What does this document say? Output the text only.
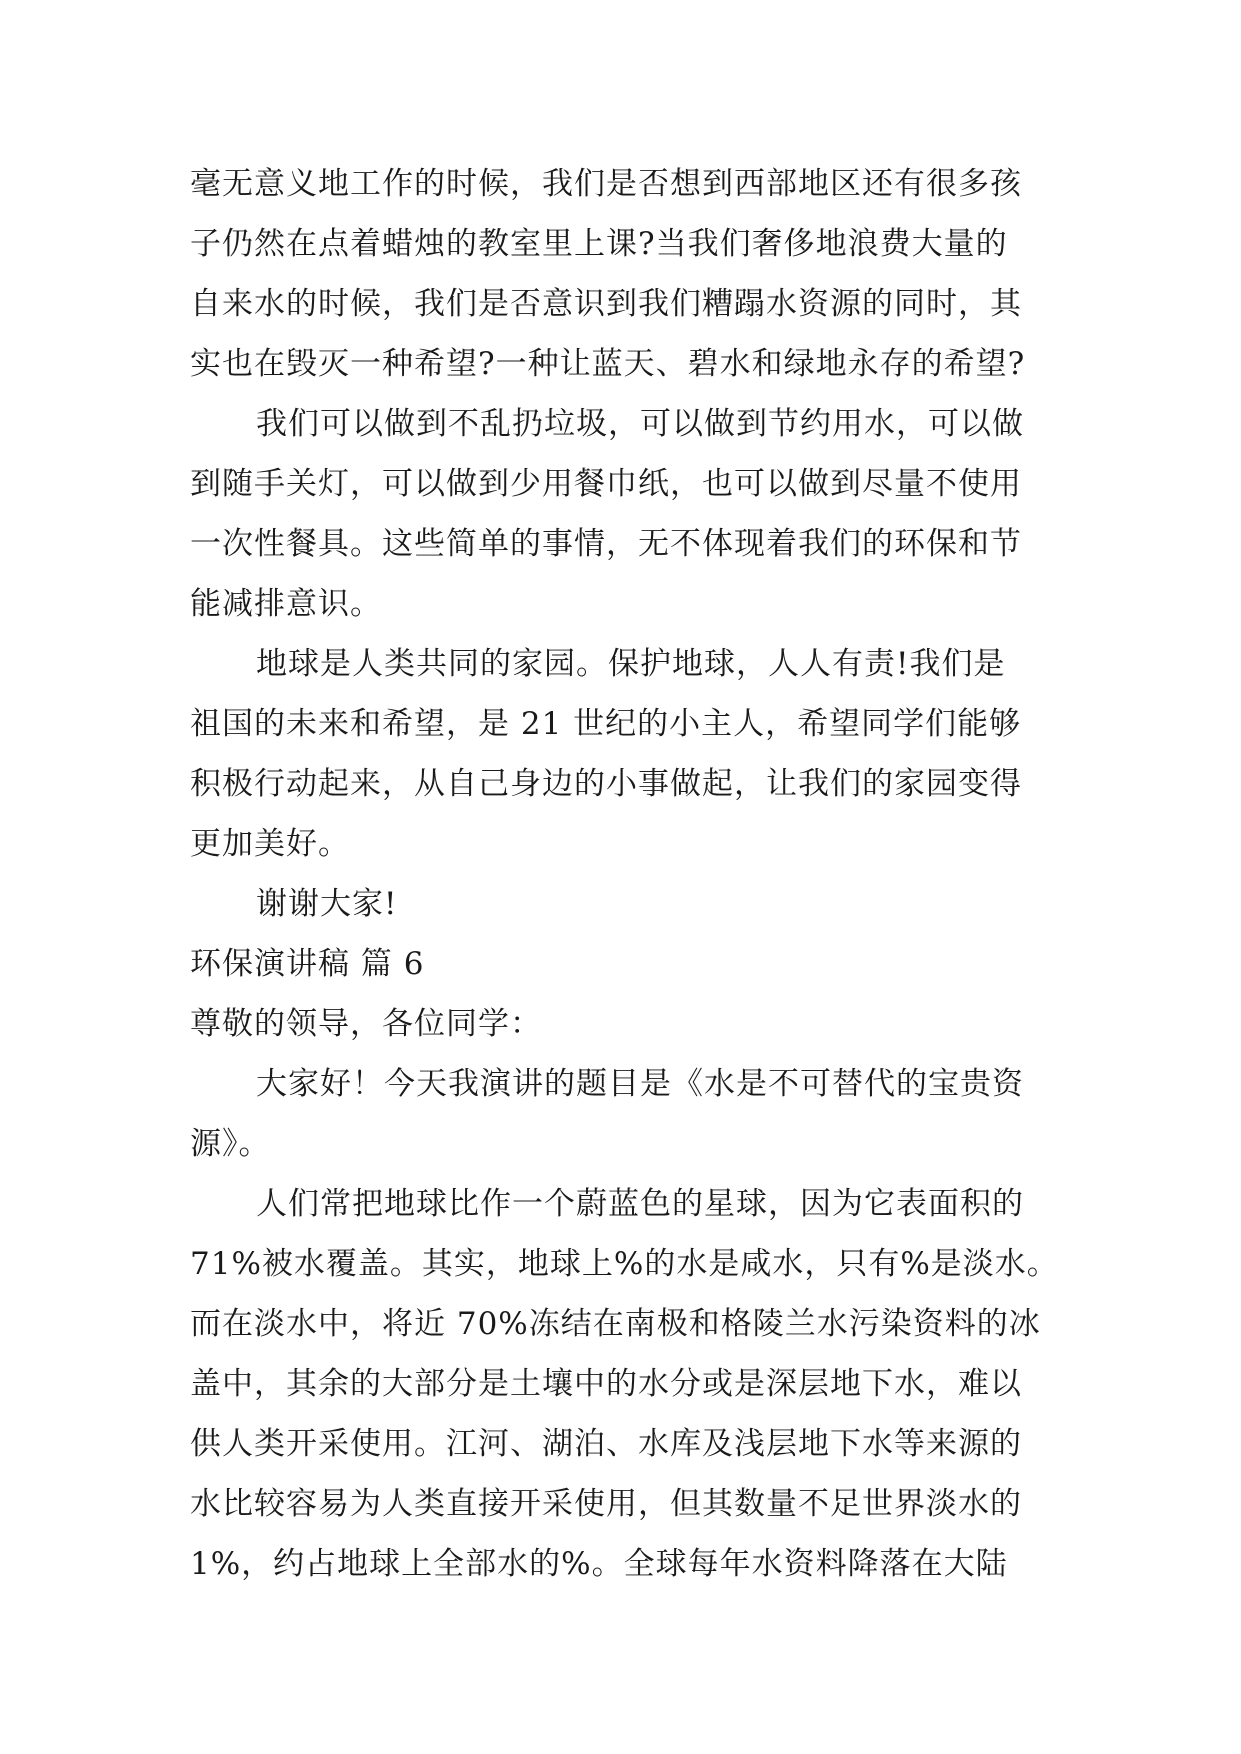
毫无意义地工作的时候，我们是否想到西部地区还有很多孩
子仍然在点着蜡烛的教室里上课?当我们奢侈地浪费大量的
自来水的时候，我们是否意识到我们糟蹋水资源的同时，其
实也在毁灭一种希望?一种让蓝天、碧水和绿地永存的希望?
我们可以做到不乱扔垃圾，可以做到节约用水，可以做
到随手关灯，可以做到少用餐巾纸，也可以做到尽量不使用
一次性餐具。这些简单的事情，无不体现着我们的环保和节
能减排意识。
地球是人类共同的家园。保护地球，人人有责!我们是
祖国的未来和希望，是 21 世纪的小主人，希望同学们能够
积极行动起来，从自己身边的小事做起，让我们的家园变得
更加美好。
谢谢大家!
环保演讲稿 篇 6
尊敬的领导，各位同学：
大家好！今天我演讲的题目是《水是不可替代的宝贵资
源》。
人们常把地球比作一个蔚蓝色的星球，因为它表面积的
71%被水覆盖。其实，地球上%的水是咸水，只有%是淡水。
而在淡水中，将近 70%冻结在南极和格陵兰水污染资料的冰
盖中，其余的大部分是土壤中的水分或是深层地下水，难以
供人类开采使用。江河、湖泊、水库及浅层地下水等来源的
水比较容易为人类直接开采使用，但其数量不足世界淡水的
1%，约占地球上全部水的%。全球每年水资料降落在大陆
